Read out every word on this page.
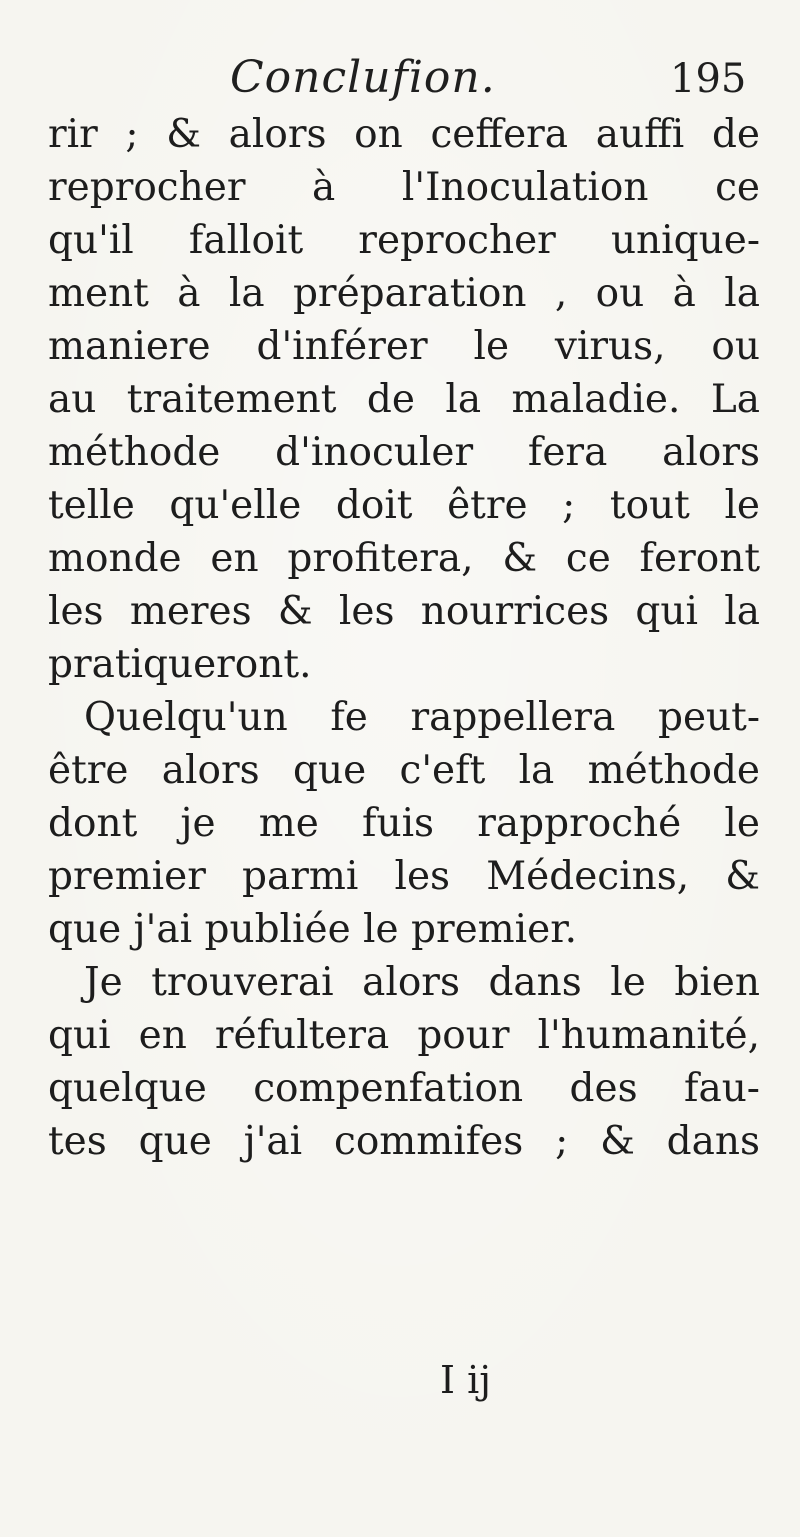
Conclufion.	195
rir ; & alors on ceffera auffi de
reprocher à l'Inoculation ce
qu'il falloit reprocher unique-
ment à la préparation , ou à la
maniere d'inférer le virus, ou
au traitement de la maladie. La
méthode d'inoculer fera alors
telle qu'elle doit être ; tout le
monde en profitera, & ce feront
les meres & les nourrices qui la
pratiqueront.
Quelqu'un fe rappellera peut-
être alors que c'eft la méthode
dont je me fuis rapproché le
premier parmi les Médecins, &
que j'ai publiée le premier.
Je trouverai alors dans le bien
qui en réfultera pour l'humanité,
quelque compenfation des fau-
tes que j'ai commifes ; & dans
I ij
